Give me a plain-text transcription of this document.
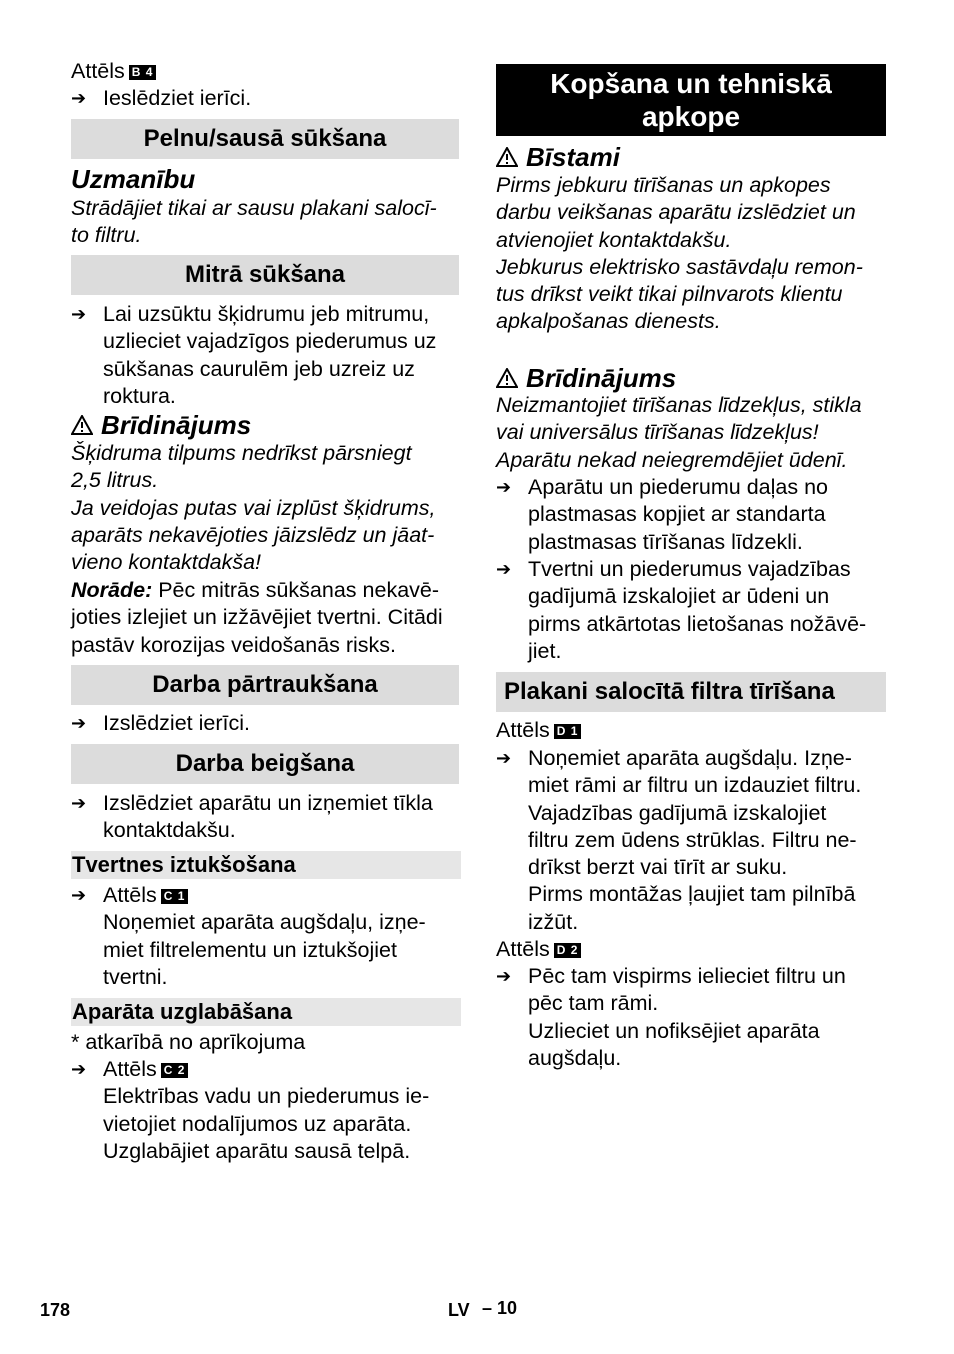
Attēls B 4
➔ Ieslēdziet ierīci.
Pelnu/sausā sūkšana
Uzmanību
Strādājiet tikai ar sausu plakani salocī-
to filtru.
Mitrā sūkšana
➔ Lai uzsūktu šķidrumu jeb mitrumu,
uzlieciet vajadzīgos piederumus uz
sūkšanas caurulēm jeb uzreiz uz
roktura.
Brīdinājums
Šķidruma tilpums nedrīkst pārsniegt
2,5 litrus.
Ja veidojas putas vai izplūst šķidrums,
aparāts nekavējoties jāizslēdz un jāat-
vieno kontaktdakša!
Norāde: Pēc mitrās sūkšanas nekavē-
joties izlejiet un izžāvējiet tvertni. Citādi
pastāv korozijas veidošanās risks.
Darba pārtraukšana
➔ Izslēdziet ierīci.
Darba beigšana
➔ Izslēdziet aparātu un izņemiet tīkla
kontaktdakšu.
Tvertnes iztukšošana
➔ Attēls C 1
Noņemiet aparāta augšdaļu, izņe-
miet filtrelementu un iztukšojiet
tvertni.
Aparāta uzglabāšana
* atkarībā no aprīkojuma
➔ Attēls C 2
Elektrības vadu un piederumus ie-
vietojiet nodalījumos uz aparāta.
Uzglabājiet aparātu sausā telpā.
Kopšana un tehniskā
apkope
Bīstami
Pirms jebkuru tīrīšanas un apkopes
darbu veikšanas aparātu izslēdziet un
atvienojiet kontaktdakšu.
Jebkurus elektrisko sastāvdaļu remon-
tus drīkst veikt tikai pilnvarots klientu
apkalpošanas dienests.
Brīdinājums
Neizmantojiet tīrīšanas līdzekļus, stikla
vai universālus tīrīšanas līdzekļus!
Aparātu nekad neiegremdējiet ūdenī.
➔ Aparātu un piederumu daļas no
plastmasas kopjiet ar standarta
plastmasas tīrīšanas līdzekli.
➔ Tvertni un piederumus vajadzības
gadījumā izskalojiet ar ūdeni un
pirms atkārtotas lietošanas nožāvē-
jiet.
Plakani salocītā filtra tīrīšana
Attēls D 1
➔ Noņemiet aparāta augšdaļu. Izņe-
miet rāmi ar filtru un izdauziet filtru.
Vajadzības gadījumā izskalojiet
filtru zem ūdens strūklas. Filtru ne-
drīkst berzt vai tīrīt ar suku.
Pirms montāžas ļaujiet tam pilnībā
izžūt.
Attēls D 2
➔ Pēc tam vispirms ielieciet filtru un
pēc tam rāmi.
Uzlieciet un nofiksējiet aparāta
augšdaļu.
178	LV – 10
